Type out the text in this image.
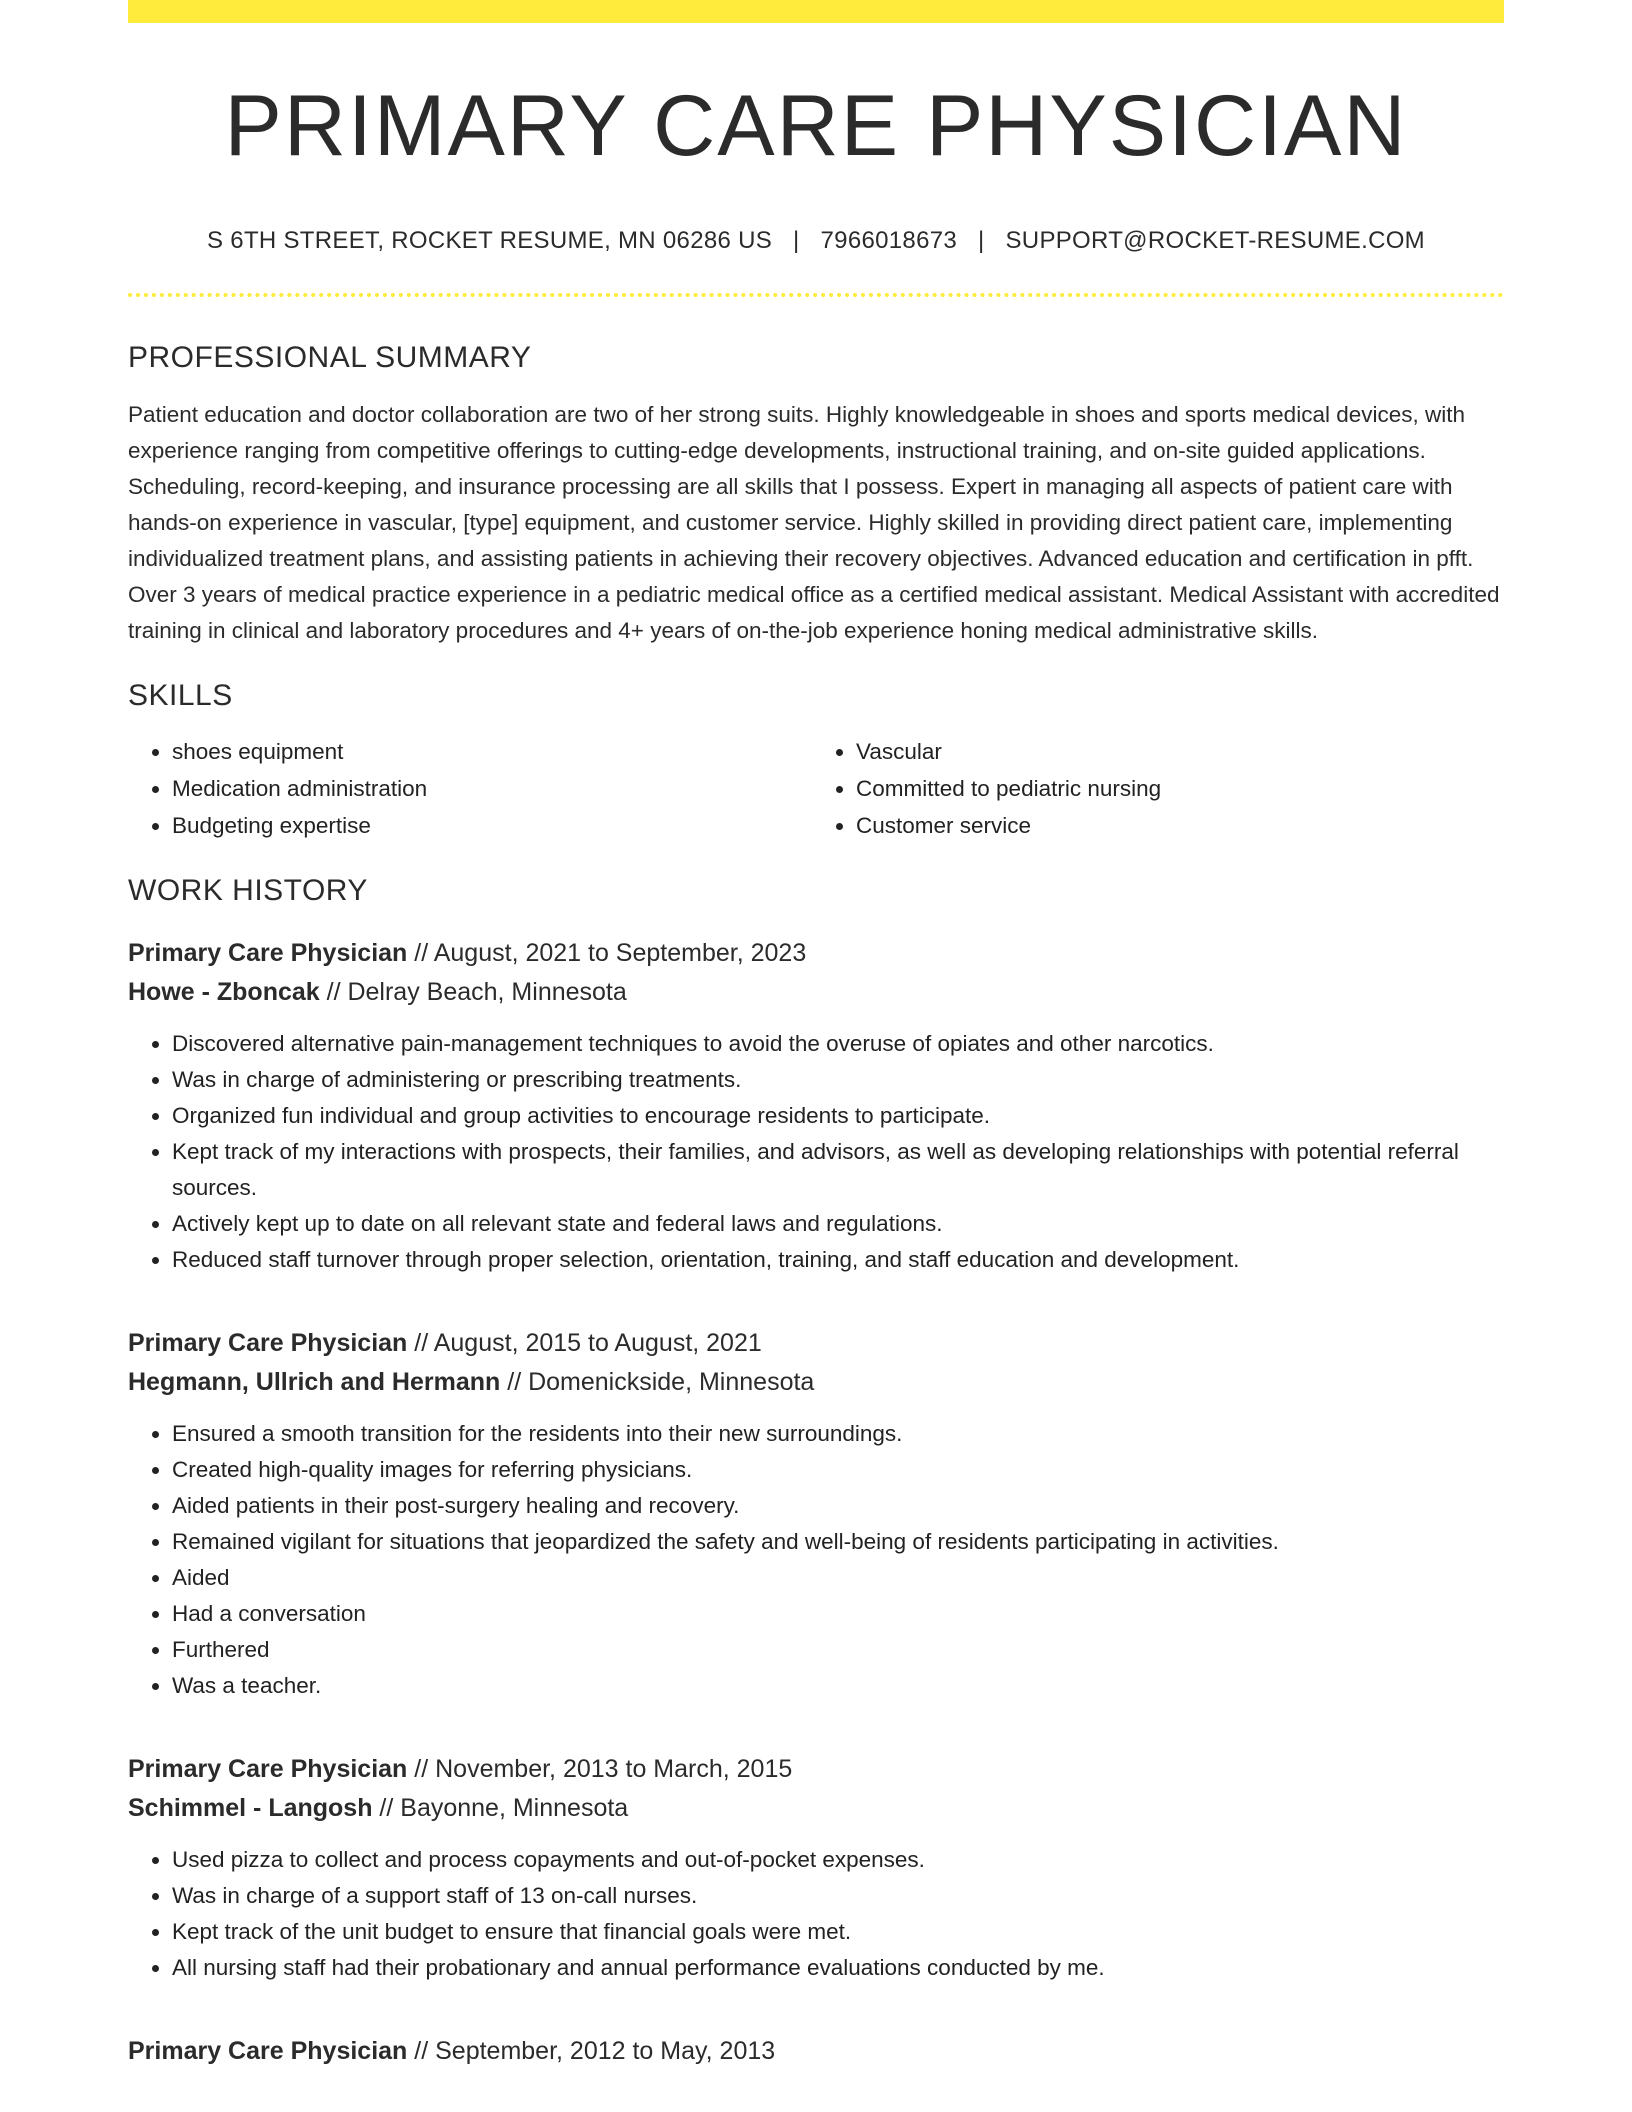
PRIMARY CARE PHYSICIAN
S 6TH STREET, ROCKET RESUME, MN 06286 US | 7966018673 | SUPPORT@ROCKET-RESUME.COM
PROFESSIONAL SUMMARY

Patient education and doctor collaboration are two of her strong suits. Highly knowledgeable in shoes and sports medical devices, with experience ranging from competitive offerings to cutting-edge developments, instructional training, and on-site guided applications. Scheduling, record-keeping, and insurance processing are all skills that I possess. Expert in managing all aspects of patient care with hands-on experience in vascular, [type] equipment, and customer service. Highly skilled in providing direct patient care, implementing individualized treatment plans, and assisting patients in achieving their recovery objectives. Advanced education and certification in pfft. Over 3 years of medical practice experience in a pediatric medical office as a certified medical assistant. Medical Assistant with accredited training in clinical and laboratory procedures and 4+ years of on-the-job experience honing medical administrative skills.

SKILLS
• shoes equipment
• Medication administration
• Budgeting expertise
• Vascular
• Committed to pediatric nursing
• Customer service
WORK HISTORY
Primary Care Physician // August, 2021 to September, 2023
Howe - Zboncak // Delray Beach, Minnesota
• Discovered alternative pain-management techniques to avoid the overuse of opiates and other narcotics.
• Was in charge of administering or prescribing treatments.
• Organized fun individual and group activities to encourage residents to participate.
• Kept track of my interactions with prospects, their families, and advisors, as well as developing relationships with potential referral sources.
• Actively kept up to date on all relevant state and federal laws and regulations.
• Reduced staff turnover through proper selection, orientation, training, and staff education and development.
Primary Care Physician // August, 2015 to August, 2021
Hegmann, Ullrich and Hermann // Domenickside, Minnesota
• Ensured a smooth transition for the residents into their new surroundings.
• Created high-quality images for referring physicians.
• Aided patients in their post-surgery healing and recovery.
• Remained vigilant for situations that jeopardized the safety and well-being of residents participating in activities.
• Aided
• Had a conversation
• Furthered
• Was a teacher.
Primary Care Physician // November, 2013 to March, 2015
Schimmel - Langosh // Bayonne, Minnesota
• Used pizza to collect and process copayments and out-of-pocket expenses.
• Was in charge of a support staff of 13 on-call nurses.
• Kept track of the unit budget to ensure that financial goals were met.
• All nursing staff had their probationary and annual performance evaluations conducted by me.
Primary Care Physician // September, 2012 to May, 2013
